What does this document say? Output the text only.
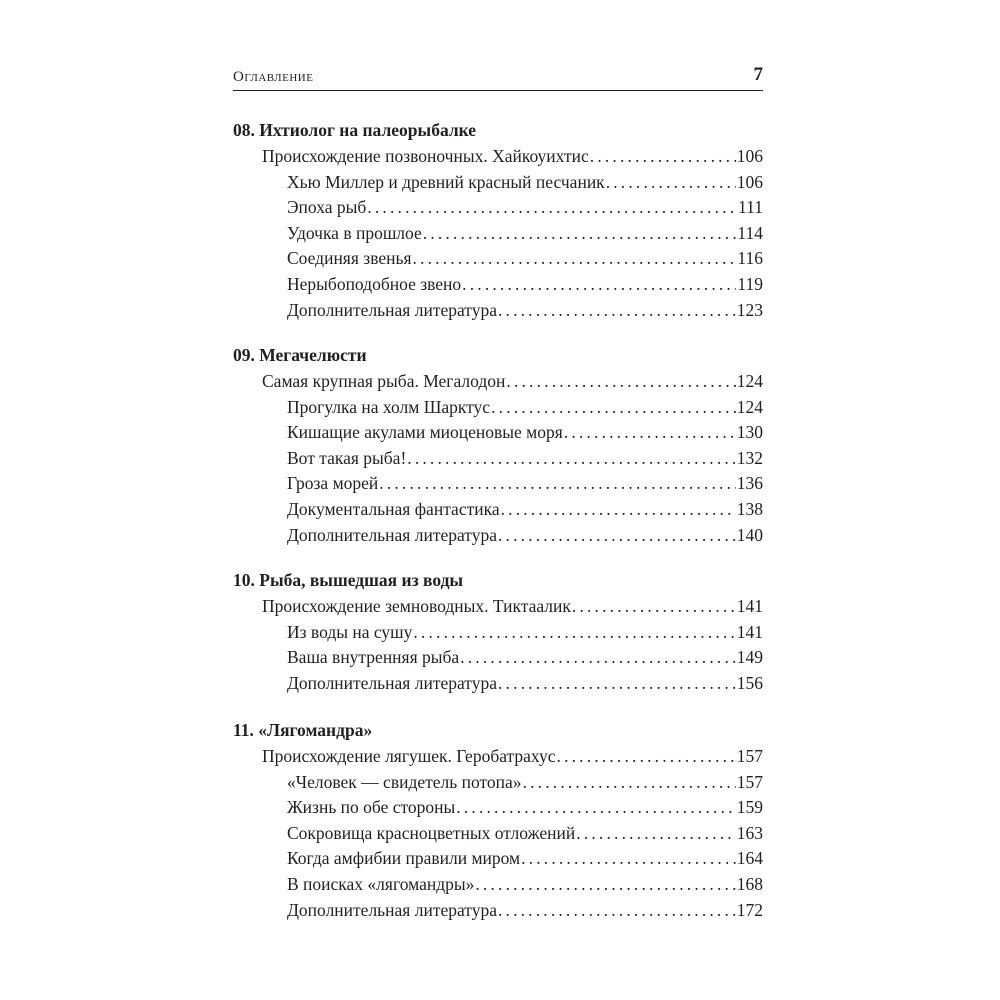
Оглавление	7
08. Ихтиолог на палеорыбалке
Происхождение позвоночных. Хайкоуихтис . . .	106
Хью Миллер и древний красный песчаник . . .	106
Эпоха рыб . . .	111
Удочка в прошлое . . .	114
Соединяя звенья . . .	116
Нерыбоподобное звено . . .	119
Дополнительная литература . . .	123
09. Мегачелюсти
Самая крупная рыба. Мегалодон . . .	124
Прогулка на холм Шарктус . . .	124
Кишащие акулами миоценовые моря . . .	130
Вот такая рыба! . . .	132
Гроза морей . . .	136
Документальная фантастика . . .	138
Дополнительная литература . . .	140
10. Рыба, вышедшая из воды
Происхождение земноводных. Тиктаалик . . .	141
Из воды на сушу . . .	141
Ваша внутренняя рыба . . .	149
Дополнительная литература . . .	156
11. «Лягомандра»
Происхождение лягушек. Геробатрахус . . .	157
«Человек — свидетель потопа» . . .	157
Жизнь по обе стороны . . .	159
Сокровища красноцветных отложений . . .	163
Когда амфибии правили миром . . .	164
В поисках «лягомандры» . . .	168
Дополнительная литература . . .	172
